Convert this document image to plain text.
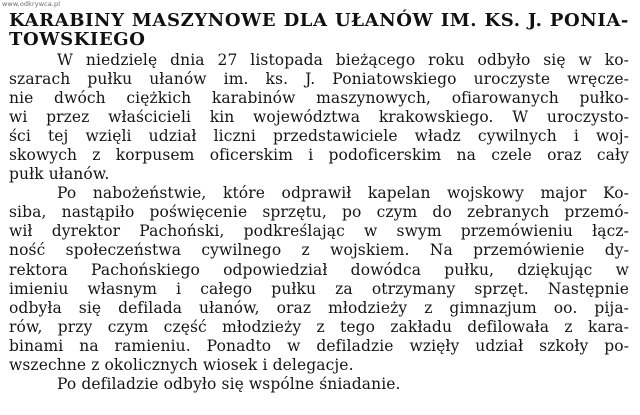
www.odkrywca.pl
KARABINY MASZYNOWE DLA UŁANÓW IM. KS. J. PONIA-
TOWSKIEGO
W niedzielę dnia 27 listopada bieżącego roku odbyło się w ko-
szarach pułku ułanów im. ks. J. Poniatowskiego uroczyste wręcze-
nie dwóch ciężkich karabinów maszynowych, ofiarowanych pułko-
wi przez właścicieli kin województwa krakowskiego. W uroczysto-
ści tej wzięli udział liczni przedstawiciele władz cywilnych i woj-
skowych z korpusem oficerskim i podoficerskim na czele oraz cały
pułk ułanów.
Po nabożeństwie, które odprawił kapelan wojskowy major Ko-
siba, nastąpiło poświęcenie sprzętu, po czym do zebranych przemó-
wił dyrektor Pachoński, podkreślając w swym przemówieniu łącz-
ność społeczeństwa cywilnego z wojskiem. Na przemówienie dy-
rektora Pachońskiego odpowiedział dowódca pułku, dziękując w
imieniu własnym i całego pułku za otrzymany sprzęt. Następnie
odbyła się defilada ułanów, oraz młodzieży z gimnazjum oo. pija-
rów, przy czym część młodzieży z tego zakładu defilowała z kara-
binami na ramieniu. Ponadto w defiladzie wzięły udział szkoły po-
wszechne z okolicznych wiosek i delegacje.
Po defiladzie odbyło się wspólne śniadanie.
